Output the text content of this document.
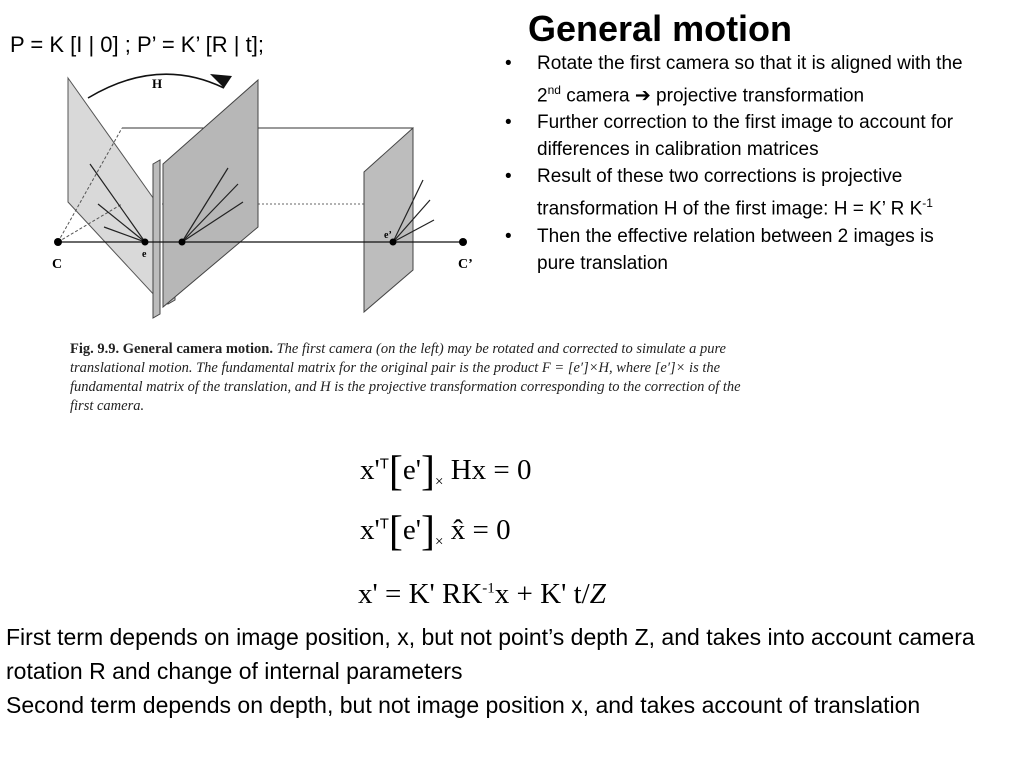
P = K [I | 0] ; P’ = K’ [R | t];	General motion
• Rotate the first camera so that it is aligned with the 2nd camera ➔ projective transformation
• Further correction to the first image to account for differences in calibration matrices
• Result of these two corrections is projective transformation H of the first image: H = K’ R $K^{-1}$
• Then the effective relation between 2 images is pure translation
H
C
e
e’
C’
Fig. 9.9. General camera motion. The first camera (on the left) may be rotated and corrected to simulate a pure translational motion. The fundamental matrix for the original pair is the product F = [e′]×H, where [e′]× is the fundamental matrix of the translation, and H is the projective transformation corresponding to the correction of the first camera.
$x'^T[e']_\times$ Hx = 0
$x'^T[e']_\times$ x̂ = 0
x' = K' $RK^{-1}x + K'$ t/Z

First term depends on image position, x, but not point’s depth Z, and takes into account camera rotation R and change of internal parameters

Second term depends on depth, but not image position x, and takes account of translation
